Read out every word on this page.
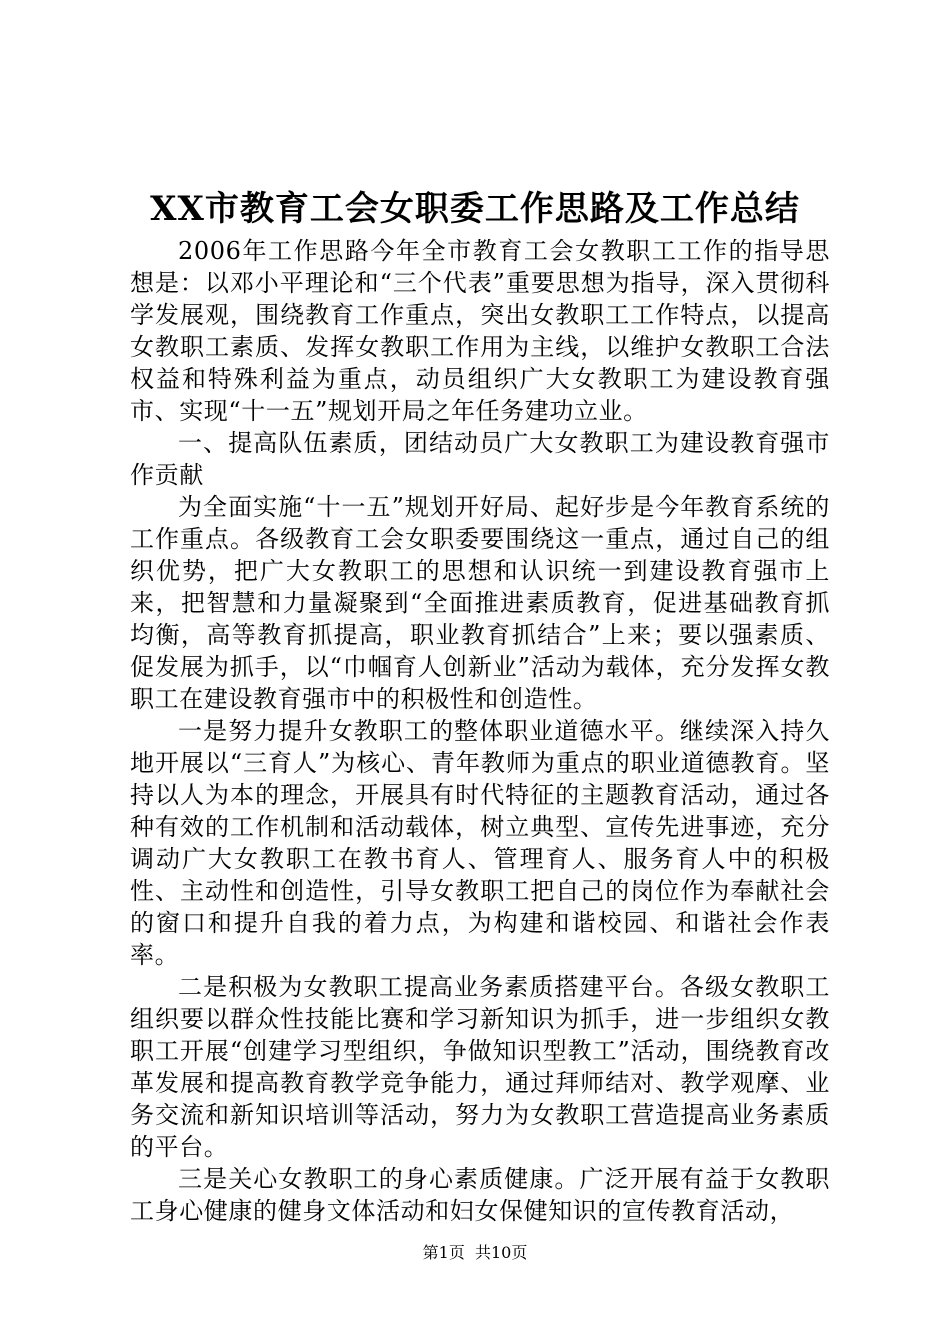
XX市教育工会女职委工作思路及工作总结

2006年工作思路今年全市教育工会女教职工工作的指导思想是：以邓小平理论和“三个代表”重要思想为指导，深入贯彻科学发展观，围绕教育工作重点，突出女教职工工作特点，以提高女教职工素质、发挥女教职工作用为主线，以维护女教职工合法权益和特殊利益为重点，动员组织广大女教职工为建设教育强市、实现“十一五”规划开局之年任务建功立业。

一、提高队伍素质，团结动员广大女教职工为建设教育强市作贡献

为全面实施“十一五”规划开好局、起好步是今年教育系统的工作重点。各级教育工会女职委要围绕这一重点，通过自己的组织优势，把广大女教职工的思想和认识统一到建设教育强市上来，把智慧和力量凝聚到“全面推进素质教育，促进基础教育抓均衡，高等教育抓提高，职业教育抓结合”上来；要以强素质、促发展为抓手，以“巾帼育人创新业”活动为载体，充分发挥女教职工在建设教育强市中的积极性和创造性。

一是努力提升女教职工的整体职业道德水平。继续深入持久地开展以“三育人”为核心、青年教师为重点的职业道德教育。坚持以人为本的理念，开展具有时代特征的主题教育活动，通过各种有效的工作机制和活动载体，树立典型、宣传先进事迹，充分调动广大女教职工在教书育人、管理育人、服务育人中的积极性、主动性和创造性，引导女教职工把自己的岗位作为奉献社会的窗口和提升自我的着力点，为构建和谐校园、和谐社会作表率。

二是积极为女教职工提高业务素质搭建平台。各级女教职工组织要以群众性技能比赛和学习新知识为抓手，进一步组织女教职工开展“创建学习型组织，争做知识型教工”活动，围绕教育改革发展和提高教育教学竞争能力，通过拜师结对、教学观摩、业务交流和新知识培训等活动，努力为女教职工营造提高业务素质的平台。

三是关心女教职工的身心素质健康。广泛开展有益于女教职工身心健康的健身文体活动和妇女保健知识的宣传教育活动，

第1页  共10页
